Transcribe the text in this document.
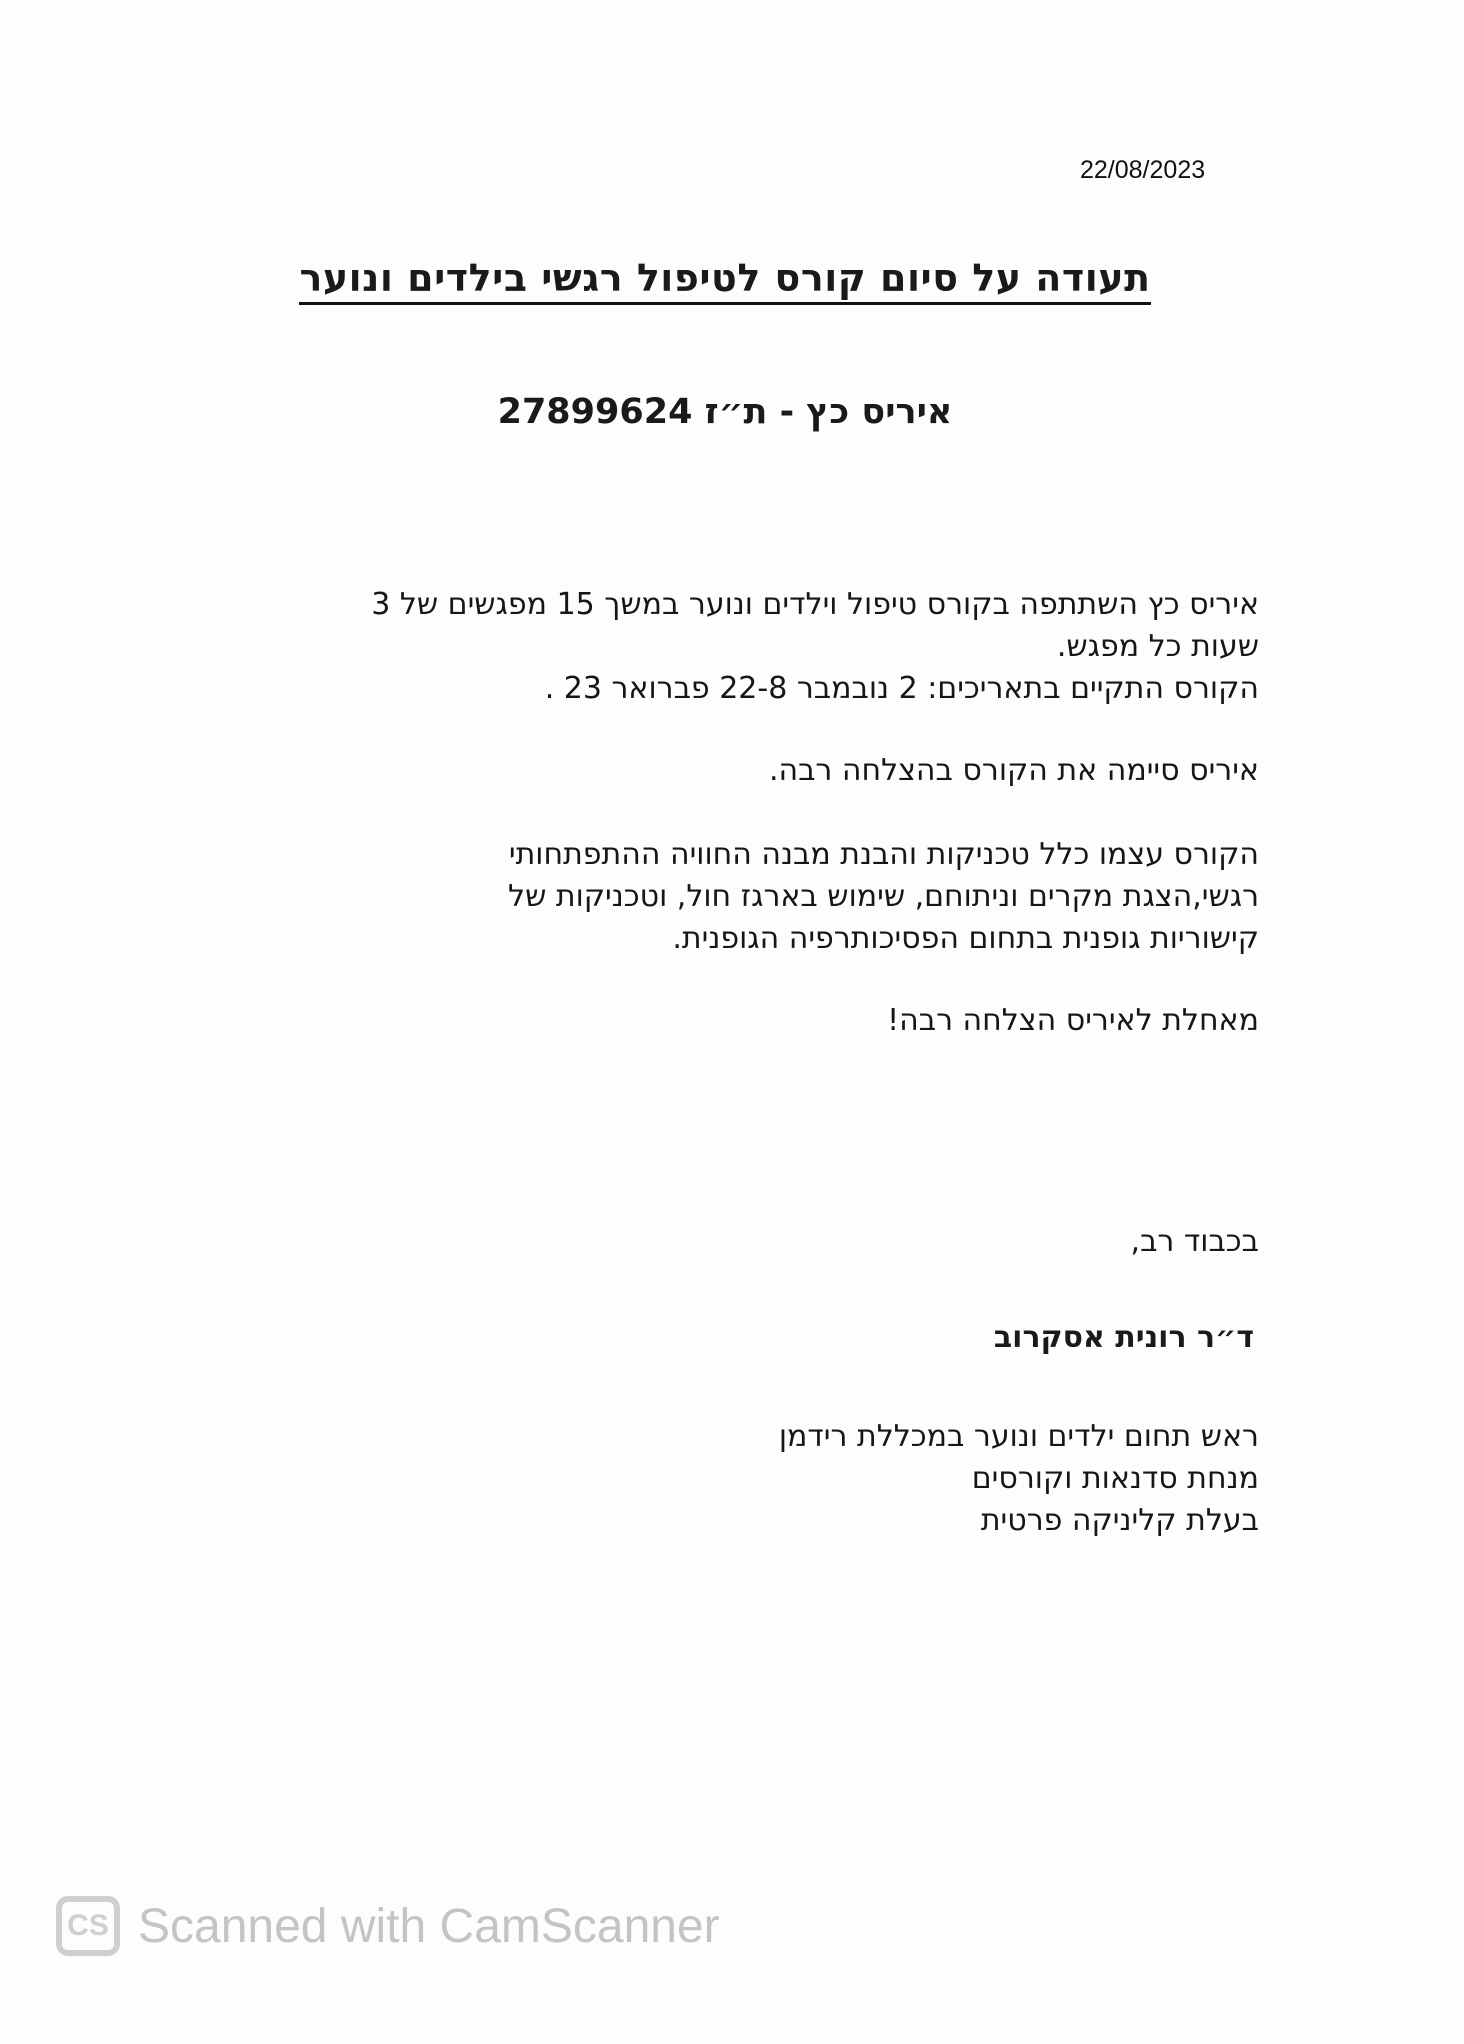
22/08/2023
תעודה על סיום קורס לטיפול רגשי בילדים ונוער
איריס כץ - ת״ז 27899624

איריס כץ השתתפה בקורס טיפול וילדים ונוער במשך 15 מפגשים של 3

שעות כל מפגש.

הקורס התקיים בתאריכים: 2 נובמבר 22-8 פברואר 23 .

איריס סיימה את הקורס בהצלחה רבה.

הקורס עצמו כלל טכניקות והבנת מבנה החוויה ההתפתחותי

רגשי,הצגת מקרים וניתוחם, שימוש בארגז חול, וטכניקות של

קישוריות גופנית בתחום הפסיכותרפיה הגופנית.

מאחלת לאיריס הצלחה רבה!

בכבוד רב,
ד״ר רונית אסקרוב

ראש תחום ילדים ונוער במכללת רידמן

מנחת סדנאות וקורסים

בעלת קליניקה פרטית

CS Scanned with CamScanner
